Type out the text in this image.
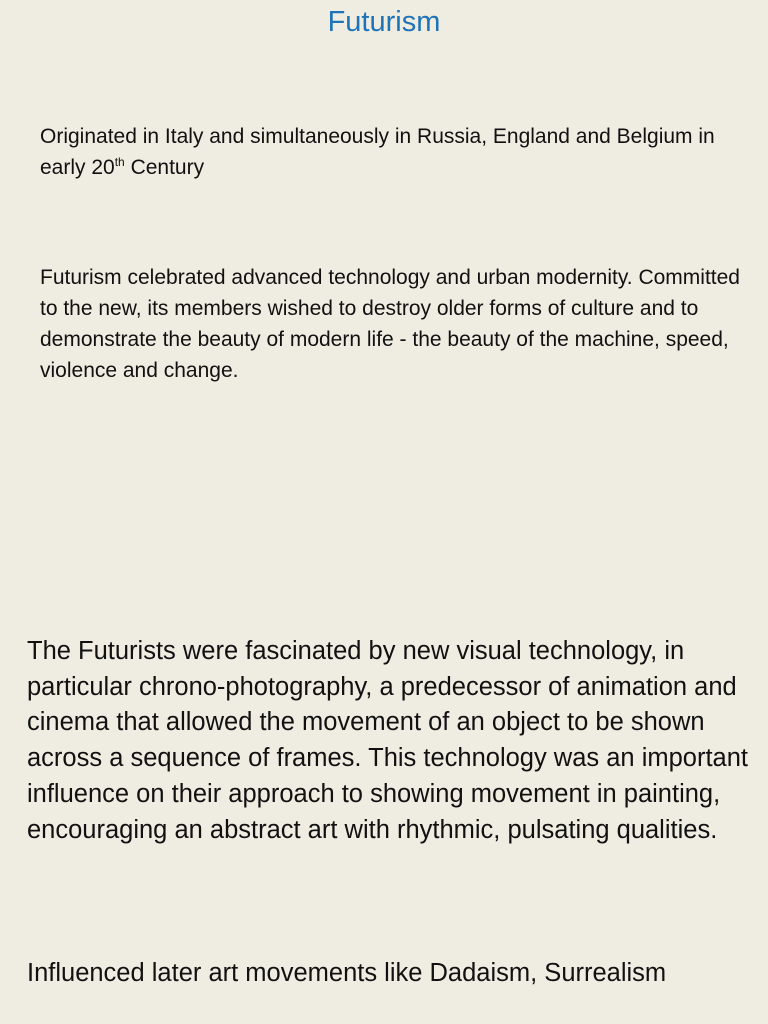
Futurism
Originated in Italy and simultaneously in Russia, England and Belgium in early 20th Century
Futurism celebrated advanced technology and urban modernity. Committed to the new, its members wished to destroy older forms of culture and to demonstrate the beauty of modern life - the beauty of the machine, speed, violence and change.
The Futurists were fascinated by new visual technology, in particular chrono-photography, a predecessor of animation and cinema that allowed the movement of an object to be shown across a sequence of frames. This technology was an important influence on their approach to showing movement in painting, encouraging an abstract art with rhythmic, pulsating qualities.
Influenced later art movements like Dadaism, Surrealism
